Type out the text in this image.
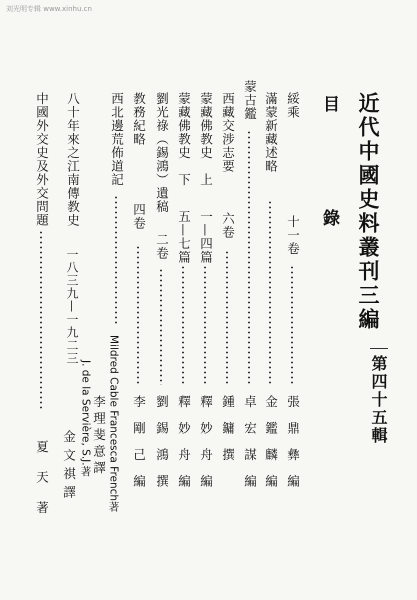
刘光明专辑 www.xinhu.cn
近代中國史料叢刊三編
第四十五輯
目　錄
綏乘
十一卷
張鼎彝編
滿蒙新藏述略
金鑑麟編
蒙古鑑
卓宏謀編
西藏交涉志要
六卷
鍾鏞撰
蒙藏佛教史　上
一—四篇
釋妙舟編
蒙藏佛教史　下
五—七篇
釋妙舟編
劉光祿（錫鴻）遺稿
二卷
劉錫鴻撰
教務紀略
四卷
李剛己編
西北邊荒佈道記
Mildred Cable Francesca French著
李理斐意譯
八十年來之江南傳教史
一八三九—一九二三
J. de la Servière, S.J.著
金文祺譯
中國外交史及外交問題
夏天著
